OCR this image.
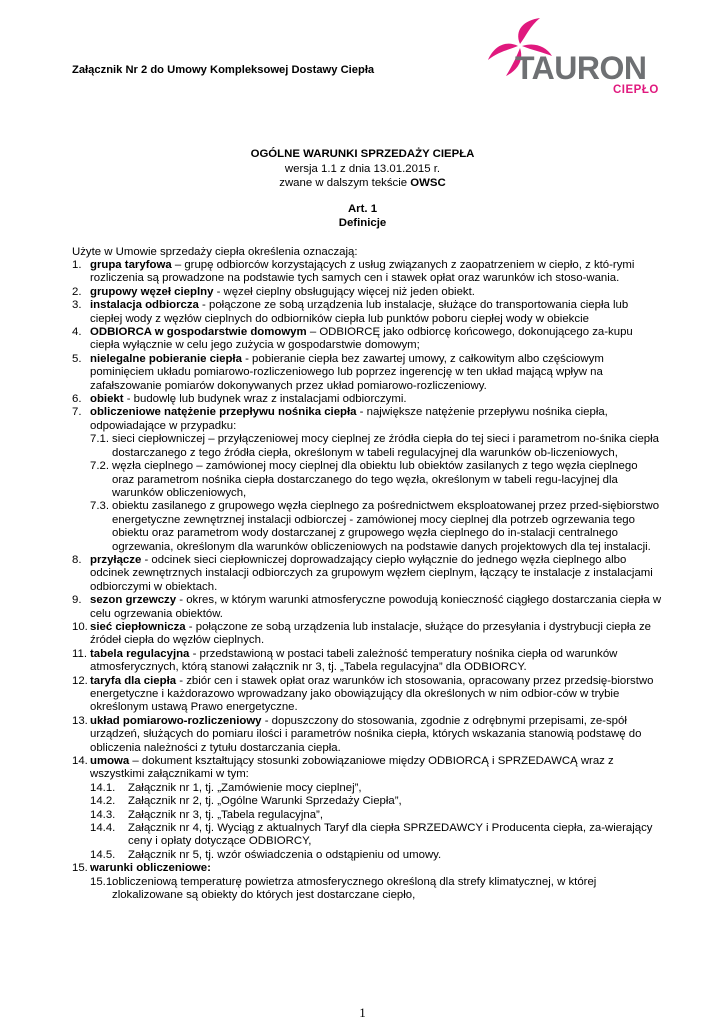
Załącznik Nr 2 do Umowy Kompleksowej Dostawy Ciepła	TAURON
CIEPŁO
OGÓLNE WARUNKI SPRZEDAŻY CIEPŁA
wersja 1.1 z dnia 13.01.2015 r.
zwane w dalszym tekście OWSC
Art. 1
Definicje
Użyte w Umowie sprzedaży ciepła określenia oznaczają:
1. grupa taryfowa – grupę odbiorców korzystających z usług związanych z zaopatrzeniem w ciepło, z któ-rymi rozliczenia są prowadzone na podstawie tych samych cen i stawek opłat oraz warunków ich stoso-wania.
2. grupowy węzeł cieplny - węzeł cieplny obsługujący więcej niż jeden obiekt.
3. instalacja odbiorcza - połączone ze sobą urządzenia lub instalacje, służące do transportowania ciepła lub ciepłej wody z węzłów cieplnych do odbiorników ciepła lub punktów poboru ciepłej wody w obiekcie
4. ODBIORCA w gospodarstwie domowym – ODBIORCĘ jako odbiorcę końcowego, dokonującego za-kupu ciepła wyłącznie w celu jego zużycia w gospodarstwie domowym;
5. nielegalne pobieranie ciepła - pobieranie ciepła bez zawartej umowy, z całkowitym albo częściowym pominięciem układu pomiarowo-rozliczeniowego lub poprzez ingerencję w ten układ mającą wpływ na zafałszowanie pomiarów dokonywanych przez układ pomiarowo-rozliczeniowy.
6. obiekt - budowlę lub budynek wraz z instalacjami odbiorczymi.
7. obliczeniowe natężenie przepływu nośnika ciepła - największe natężenie przepływu nośnika ciepła, odpowiadające w przypadku:
7.1. sieci ciepłowniczej – przyłączeniowej mocy cieplnej ze źródła ciepła do tej sieci i parametrom no-śnika ciepła dostarczanego z tego źródła ciepła, określonym w tabeli regulacyjnej dla warunków ob-liczeniowych,
7.2. węzła cieplnego – zamówionej mocy cieplnej dla obiektu lub obiektów zasilanych z tego węzła cieplnego oraz parametrom nośnika ciepła dostarczanego do tego węzła, określonym w tabeli regu-lacyjnej dla warunków obliczeniowych,
7.3. obiektu zasilanego z grupowego węzła cieplnego za pośrednictwem eksploatowanej przez przed-siębiorstwo energetyczne zewnętrznej instalacji odbiorczej - zamówionej mocy cieplnej dla potrzeb ogrzewania tego obiektu oraz parametrom wody dostarczanej z grupowego węzła cieplnego do in-stalacji centralnego ogrzewania, określonym dla warunków obliczeniowych na podstawie danych projektowych dla tej instalacji.
8. przyłącze - odcinek sieci ciepłowniczej doprowadzający ciepło wyłącznie do jednego węzła cieplnego albo odcinek zewnętrznych instalacji odbiorczych za grupowym węzłem cieplnym, łączący te instalacje z instalacjami odbiorczymi w obiektach.
9. sezon grzewczy - okres, w którym warunki atmosferyczne powodują konieczność ciągłego dostarczania ciepła w celu ogrzewania obiektów.
10. sieć ciepłownicza - połączone ze sobą urządzenia lub instalacje, służące do przesyłania i dystrybucji ciepła ze źródeł ciepła do węzłów cieplnych.
11. tabela regulacyjna - przedstawioną w postaci tabeli zależność temperatury nośnika ciepła od warunków atmosferycznych, którą stanowi załącznik nr 3, tj. „Tabela regulacyjna” dla ODBIORCY.
12. taryfa dla ciepła - zbiór cen i stawek opłat oraz warunków ich stosowania, opracowany przez przedsię-biorstwo energetyczne i każdorazowo wprowadzany jako obowiązujący dla określonych w nim odbior-ców w trybie określonym ustawą Prawo energetyczne.
13. układ pomiarowo-rozliczeniowy - dopuszczony do stosowania, zgodnie z odrębnymi przepisami, ze-spół urządzeń, służących do pomiaru ilości i parametrów nośnika ciepła, których wskazania stanowią podstawę do obliczenia należności z tytułu dostarczania ciepła.
14. umowa – dokument kształtujący stosunki zobowiązaniowe między ODBIORCĄ i SPRZEDAWCĄ wraz z wszystkimi załącznikami w tym:
14.1. Załącznik nr 1, tj. „Zamówienie mocy cieplnej”,
14.2. Załącznik nr 2, tj. „Ogólne Warunki Sprzedaży Ciepła”,
14.3. Załącznik nr 3, tj. „Tabela regulacyjna”,
14.4. Załącznik nr 4, tj. Wyciąg z aktualnych Taryf dla ciepła SPRZEDAWCY i Producenta ciepła, za-wierający ceny i opłaty dotyczące ODBIORCY,
14.5. Załącznik nr 5, tj. wzór oświadczenia o odstąpieniu od umowy.
15. warunki obliczeniowe:
15.1.
obliczeniową temperaturę powietrza atmosferycznego określoną dla strefy klimatycznej, w której zlokalizowane są obiekty do których jest dostarczane ciepło,
1
